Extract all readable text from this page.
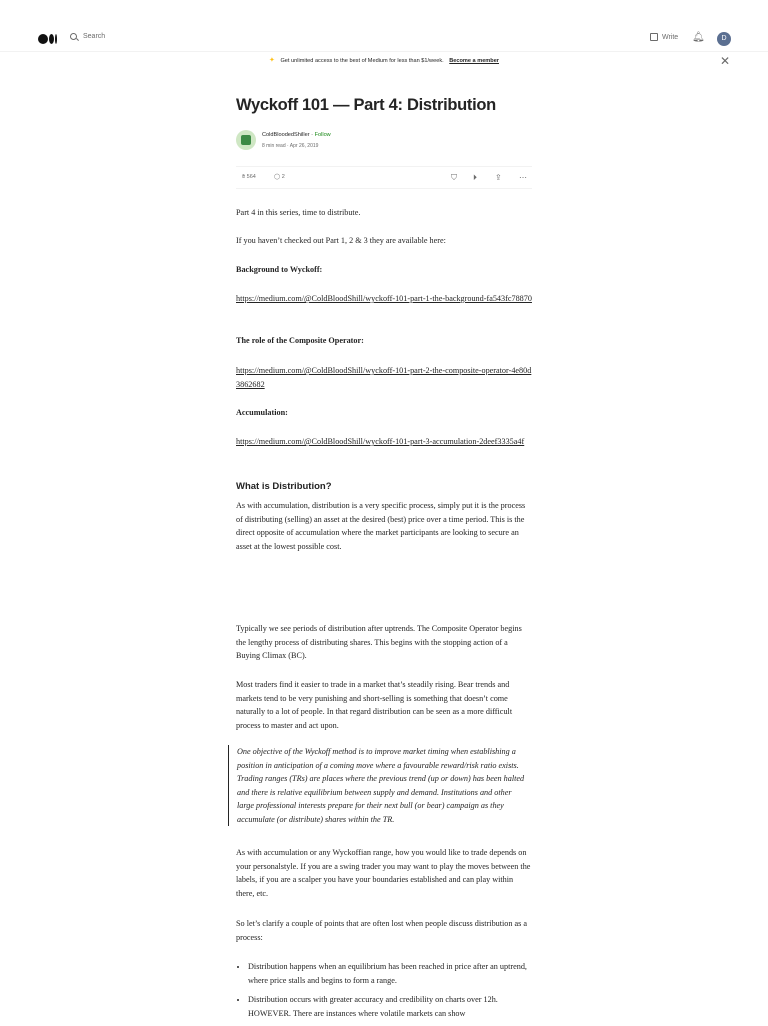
Search	Write 🔔︎	D
✦ Get unlimited access to the best of Medium for less than $1/week. Become a member	✕
Wyckoff 101 — Part 4: Distribution
ColdBloodedShiller · Follow
8 min read · Apr 26, 2019
✋︎ 564	◯ 2	⛉ ⏵ ⇪ ⋯

Part 4 in this series, time to distribute.

If you haven’t checked out Part 1, 2 & 3 they are available here:

Background to Wyckoff:

https://medium.com/@ColdBloodShill/wyckoff-101-part-1-the-background-fa543fc78870

The role of the Composite Operator:

https://medium.com/@ColdBloodShill/wyckoff-101-part-2-the-composite-operator-4e80d3862682

Accumulation:

https://medium.com/@ColdBloodShill/wyckoff-101-part-3-accumulation-2deef3335a4f

What is Distribution?

As with accumulation, distribution is a very specific process, simply put it is the process of distributing (selling) an asset at the desired (best) price over a time period. This is the direct opposite of accumulation where the market participants are looking to secure an asset at the lowest possible cost.

Typically we see periods of distribution after uptrends. The Composite Operator begins the lengthy process of distributing shares. This begins with the stopping action of a Buying Climax (BC).

Most traders find it easier to trade in a market that’s steadily rising. Bear trends and markets tend to be very punishing and short-selling is something that doesn’t come naturally to a lot of people. In that regard distribution can be seen as a more difficult process to master and act upon.

One objective of the Wyckoff method is to improve market timing when establishing a position in anticipation of a coming move where a favourable reward/risk ratio exists. Trading ranges (TRs) are places where the previous trend (up or down) has been halted and there is relative equilibrium between supply and demand. Institutions and other large professional interests prepare for their next bull (or bear) campaign as they accumulate (or distribute) shares within the TR.

As with accumulation or any Wyckoffian range, how you would like to trade depends on your personalstyle. If you are a swing trader you may want to play the moves between the labels, if you are a scalper you have your boundaries established and can play within there, etc.

So let’s clarify a couple of points that are often lost when people discuss distribution as a process:

• Distribution happens when an equilibrium has been reached in price after an uptrend, where price stalls and begins to form a range.
• Distribution occurs with greater accuracy and credibility on charts over 12h. HOWEVER. There are instances where volatile markets can show
